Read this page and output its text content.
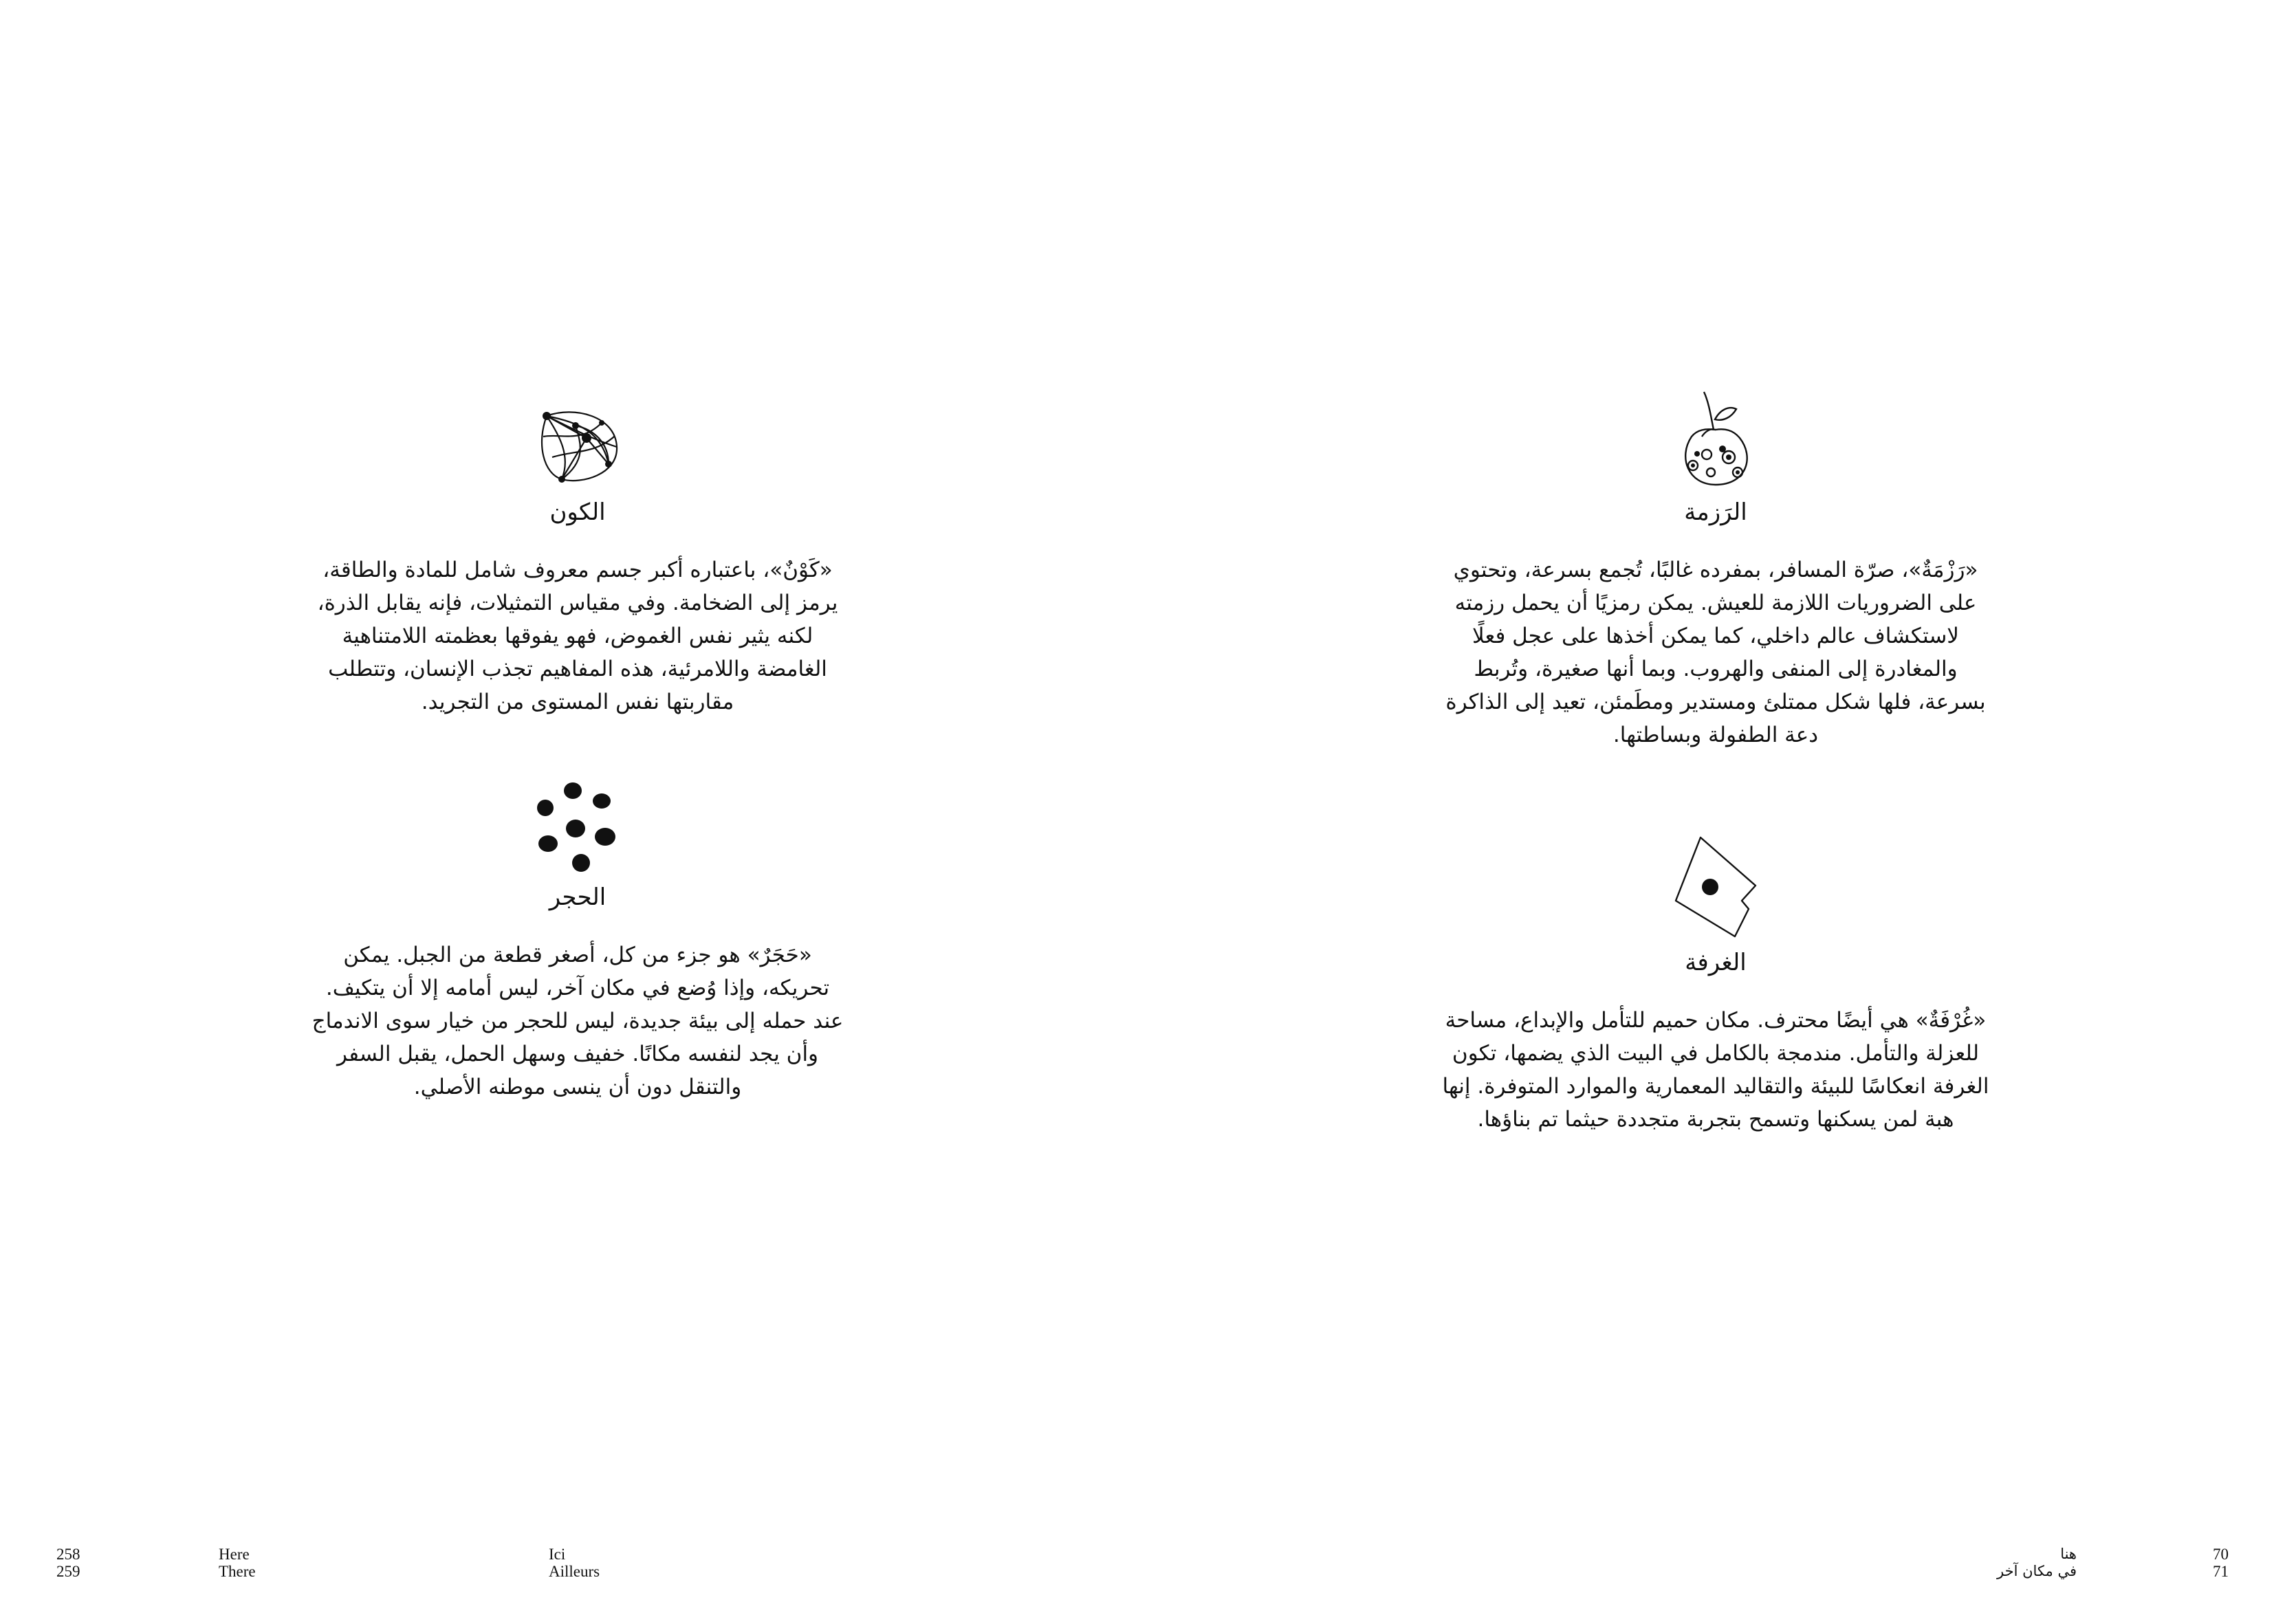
الكون

«كَوْنٌ»، باعتباره أكبر جسم معروف شامل للمادة والطاقة، يرمز إلى الضخامة. وفي مقياس التمثيلات، فإنه يقابل الذرة، لكنه يثير نفس الغموض، فهو يفوقها بعظمته اللامتناهية الغامضة واللامرئية، هذه المفاهيم تجذب الإنسان، وتتطلب مقاربتها نفس المستوى من التجريد.

الحجر

«حَجَرٌ» هو جزء من كل، أصغر قطعة من الجبل. يمكن تحريكه، وإذا وُضع في مكان آخر، ليس أمامه إلا أن يتكيف. عند حمله إلى بيئة جديدة، ليس للحجر من خيار سوى الاندماج وأن يجد لنفسه مكانًا. خفيف وسهل الحمل، يقبل السفر والتنقل دون أن ينسى موطنه الأصلي.

الرَزمة

«رَزْمَةٌ»، صرّة المسافر، بمفرده غالبًا، تُجمع بسرعة، وتحتوي على الضروريات اللازمة للعيش. يمكن رمزيًا أن يحمل رزمته لاستكشاف عالم داخلي، كما يمكن أخذها على عجل فعلًا والمغادرة إلى المنفى والهروب. وبما أنها صغيرة، وتُربط بسرعة، فلها شكل ممتلئ ومستدير ومطَمئن، تعيد إلى الذاكرة دعة الطفولة وبساطتها.

الغرفة

«غُرْفَةٌ» هي أيضًا محترف. مكان حميم للتأمل والإبداع، مساحة للعزلة والتأمل. مندمجة بالكامل في البيت الذي يضمها، تكون الغرفة انعكاسًا للبيئة والتقاليد المعمارية والموارد المتوفرة. إنها هبة لمن يسكنها وتسمح بتجربة متجددة حيثما تم بناؤها.

258
259
Here
There
Ici
Ailleurs
هنا
في مكان آخر
70
71
